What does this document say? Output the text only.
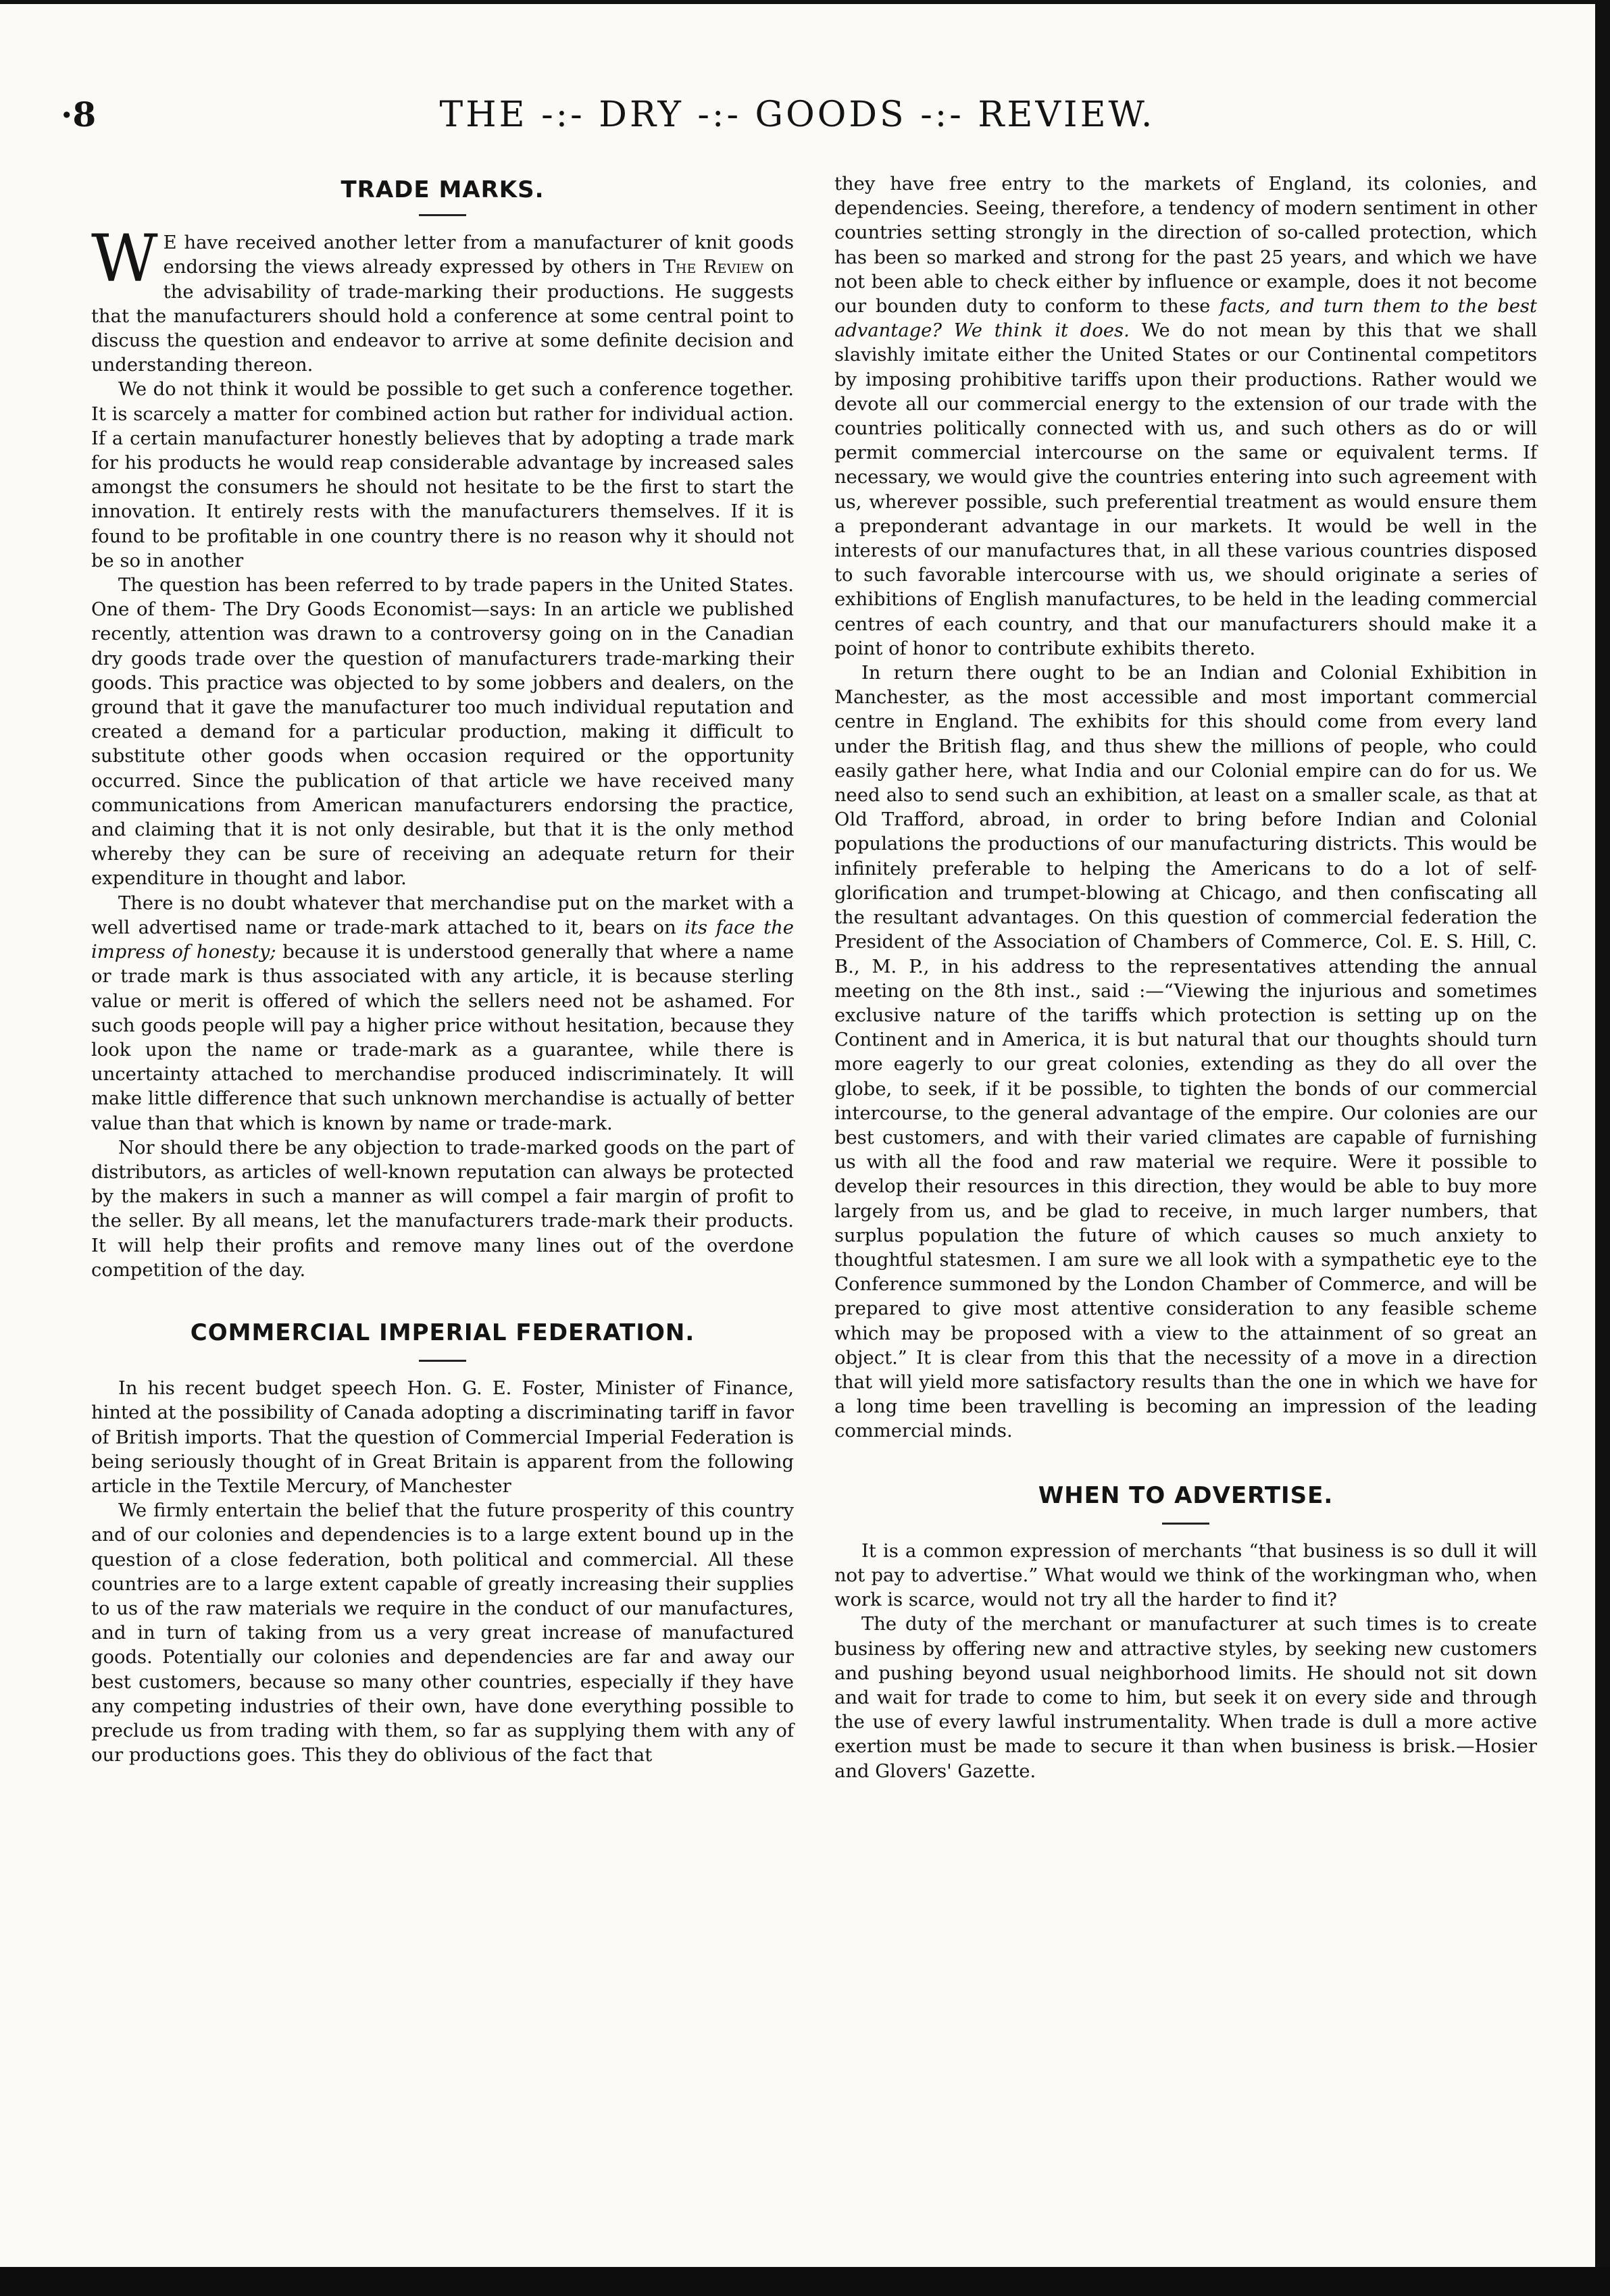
·8	THE -:- DRY -:- GOODS -:- REVIEW.
TRADE MARKS.

W E have received another letter from a manufacturer of knit goods endorsing the views already expressed by others in The Review on the advisability of trade-marking their productions. He suggests that the manufacturers should hold a conference at some central point to discuss the question and endeavor to arrive at some definite decision and understanding thereon.

We do not think it would be possible to get such a conference together. It is scarcely a matter for combined action but rather for individual action. If a certain manufacturer honestly believes that by adopting a trade mark for his products he would reap considerable advantage by increased sales amongst the consumers he should not hesitate to be the first to start the innovation. It entirely rests with the manufacturers themselves. If it is found to be profitable in one country there is no reason why it should not be so in another

The question has been referred to by trade papers in the United States. One of them- The Dry Goods Economist—says: In an article we published recently, attention was drawn to a controversy going on in the Canadian dry goods trade over the question of manufacturers trade-marking their goods. This practice was objected to by some jobbers and dealers, on the ground that it gave the manufacturer too much individual reputation and created a demand for a particular production, making it difficult to substitute other goods when occasion required or the opportunity occurred. Since the publication of that article we have received many communications from American manufacturers endorsing the practice, and claiming that it is not only desirable, but that it is the only method whereby they can be sure of receiving an adequate return for their expenditure in thought and labor.

There is no doubt whatever that merchandise put on the market with a well advertised name or trade-mark attached to it, bears on its face the impress of honesty; because it is understood generally that where a name or trade mark is thus associated with any article, it is because sterling value or merit is offered of which the sellers need not be ashamed. For such goods people will pay a higher price without hesitation, because they look upon the name or trade-mark as a guarantee, while there is uncertainty attached to merchandise produced indiscriminately. It will make little difference that such unknown merchandise is actually of better value than that which is known by name or trade-mark.

Nor should there be any objection to trade-marked goods on the part of distributors, as articles of well-known reputation can always be protected by the makers in such a manner as will compel a fair margin of profit to the seller. By all means, let the manufacturers trade-mark their products. It will help their profits and remove many lines out of the overdone competition of the day.

COMMERCIAL IMPERIAL FEDERATION.

In his recent budget speech Hon. G. E. Foster, Minister of Finance, hinted at the possibility of Canada adopting a discriminating tariff in favor of British imports. That the question of Commercial Imperial Federation is being seriously thought of in Great Britain is apparent from the following article in the Textile Mercury, of Manchester

We firmly entertain the belief that the future prosperity of this country and of our colonies and dependencies is to a large extent bound up in the question of a close federation, both political and commercial. All these countries are to a large extent capable of greatly increasing their supplies to us of the raw materials we require in the conduct of our manufactures, and in turn of taking from us a very great increase of manufactured goods. Potentially our colonies and dependencies are far and away our best customers, because so many other countries, especially if they have any competing industries of their own, have done everything possible to preclude us from trading with them, so far as supplying them with any of our productions goes. This they do oblivious of the fact that

they have free entry to the markets of England, its colonies, and dependencies. Seeing, therefore, a tendency of modern sentiment in other countries setting strongly in the direction of so-called protection, which has been so marked and strong for the past 25 years, and which we have not been able to check either by influence or example, does it not become our bounden duty to conform to these facts, and turn them to the best advantage? We think it does. We do not mean by this that we shall slavishly imitate either the United States or our Continental competitors by imposing prohibitive tariffs upon their productions. Rather would we devote all our commercial energy to the extension of our trade with the countries politically connected with us, and such others as do or will permit commercial intercourse on the same or equivalent terms. If necessary, we would give the countries entering into such agreement with us, wherever possible, such preferential treatment as would ensure them a preponderant advantage in our markets. It would be well in the interests of our manufactures that, in all these various countries disposed to such favorable intercourse with us, we should originate a series of exhibitions of English manufactures, to be held in the leading commercial centres of each country, and that our manufacturers should make it a point of honor to contribute exhibits thereto.

In return there ought to be an Indian and Colonial Exhibition in Manchester, as the most accessible and most important commercial centre in England. The exhibits for this should come from every land under the British flag, and thus shew the millions of people, who could easily gather here, what India and our Colonial empire can do for us. We need also to send such an exhibition, at least on a smaller scale, as that at Old Trafford, abroad, in order to bring before Indian and Colonial populations the productions of our manufacturing districts. This would be infinitely preferable to helping the Americans to do a lot of self-glorification and trumpet-blowing at Chicago, and then confiscating all the resultant advantages. On this question of commercial federation the President of the Association of Chambers of Commerce, Col. E. S. Hill, C. B., M. P., in his address to the representatives attending the annual meeting on the 8th inst., said :—“Viewing the injurious and sometimes exclusive nature of the tariffs which protection is setting up on the Continent and in America, it is but natural that our thoughts should turn more eagerly to our great colonies, extending as they do all over the globe, to seek, if it be possible, to tighten the bonds of our commercial intercourse, to the general advantage of the empire. Our colonies are our best customers, and with their varied climates are capable of furnishing us with all the food and raw material we require. Were it possible to develop their resources in this direction, they would be able to buy more largely from us, and be glad to receive, in much larger numbers, that surplus population the future of which causes so much anxiety to thoughtful statesmen. I am sure we all look with a sympathetic eye to the Conference summoned by the London Chamber of Commerce, and will be prepared to give most attentive consideration to any feasible scheme which may be proposed with a view to the attainment of so great an object.” It is clear from this that the necessity of a move in a direction that will yield more satisfactory results than the one in which we have for a long time been travelling is becoming an impression of the leading commercial minds.

WHEN TO ADVERTISE.

It is a common expression of merchants “that business is so dull it will not pay to advertise.” What would we think of the workingman who, when work is scarce, would not try all the harder to find it?

The duty of the merchant or manufacturer at such times is to create business by offering new and attractive styles, by seeking new customers and pushing beyond usual neighborhood limits. He should not sit down and wait for trade to come to him, but seek it on every side and through the use of every lawful instrumentality. When trade is dull a more active exertion must be made to secure it than when business is brisk.—Hosier and Glovers' Gazette.
